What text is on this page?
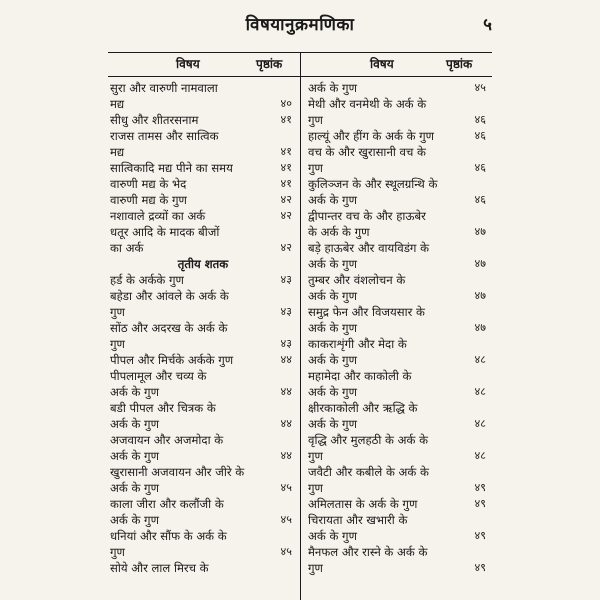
विषयानुक्रमणिका	५
विषय	पृष्ठांक	विषय	पृष्ठांक
सुरा और वारुणी नामवाला
मद्य	४०
सीधु और शीतरसनाम	४१
राजस तामस और सात्विक
मद्य	४१
सात्विकादि मद्य पीने का समय	४१
वारुणी मद्य के भेद	४१
वारुणी मद्य के गुण	४२
नशावाले द्रव्यों का अर्क	४२
धतूर आदि के मादक बीजों
का अर्क	४२
तृतीय शतक
हर्ड के अर्कके गुण	४३
बहेडा और आंवले के अर्क के
गुण	४३
सोंठ और अदरख के अर्क के
गुण	४३
पीपल और मिर्चके अर्कके गुण	४४
पीपलामूल और चव्य के
अर्क के गुण	४४
बडी पीपल और चित्रक के
अर्क के गुण	४४
अजवायन और अजमोदा के
अर्क के गुण	४४
खुरासानी अजवायन और जीरे के
अर्क के गुण	४५
काला जीरा और कलौंजी के
अर्क के गुण	४५
धनियां और सौंफ के अर्क के
गुण	४५
सोये और लाल मिरच के
अर्क के गुण	४५
मेथी और वनमेथी के अर्क के
गुण	४६
हाल्यूं और हींग के अर्क के गुण	४६
वच के और खुरासानी वच के
गुण	४६
कुलिञ्जन के और स्थूलग्रन्थि के
अर्क के गुण	४६
द्वीपान्तर वच के और हाऊबेर
के अर्क के गुण	४७
बड़े हाऊबेर और वायविडंग के
अर्क के गुण	४७
तुम्बर और वंशलोचन के
अर्क के गुण	४७
समुद्र फेन और विजयसार के
अर्क के गुण	४७
काकराशृंगी और मेदा के
अर्क के गुण	४८
महामेदा और काकोली के
अर्क के गुण	४८
क्षीरकाकोली और ऋद्धि के
अर्क के गुण	४८
वृद्धि और मुलहठी के अर्क के
गुण	४८
जवैटी और कबीले के अर्क के
गुण	४९
अमिलतास के अर्क के गुण	४९
चिरायता और खभारी के
अर्क के गुण	४९
मैनफल और रास्ने के अर्क के
गुण	४९
